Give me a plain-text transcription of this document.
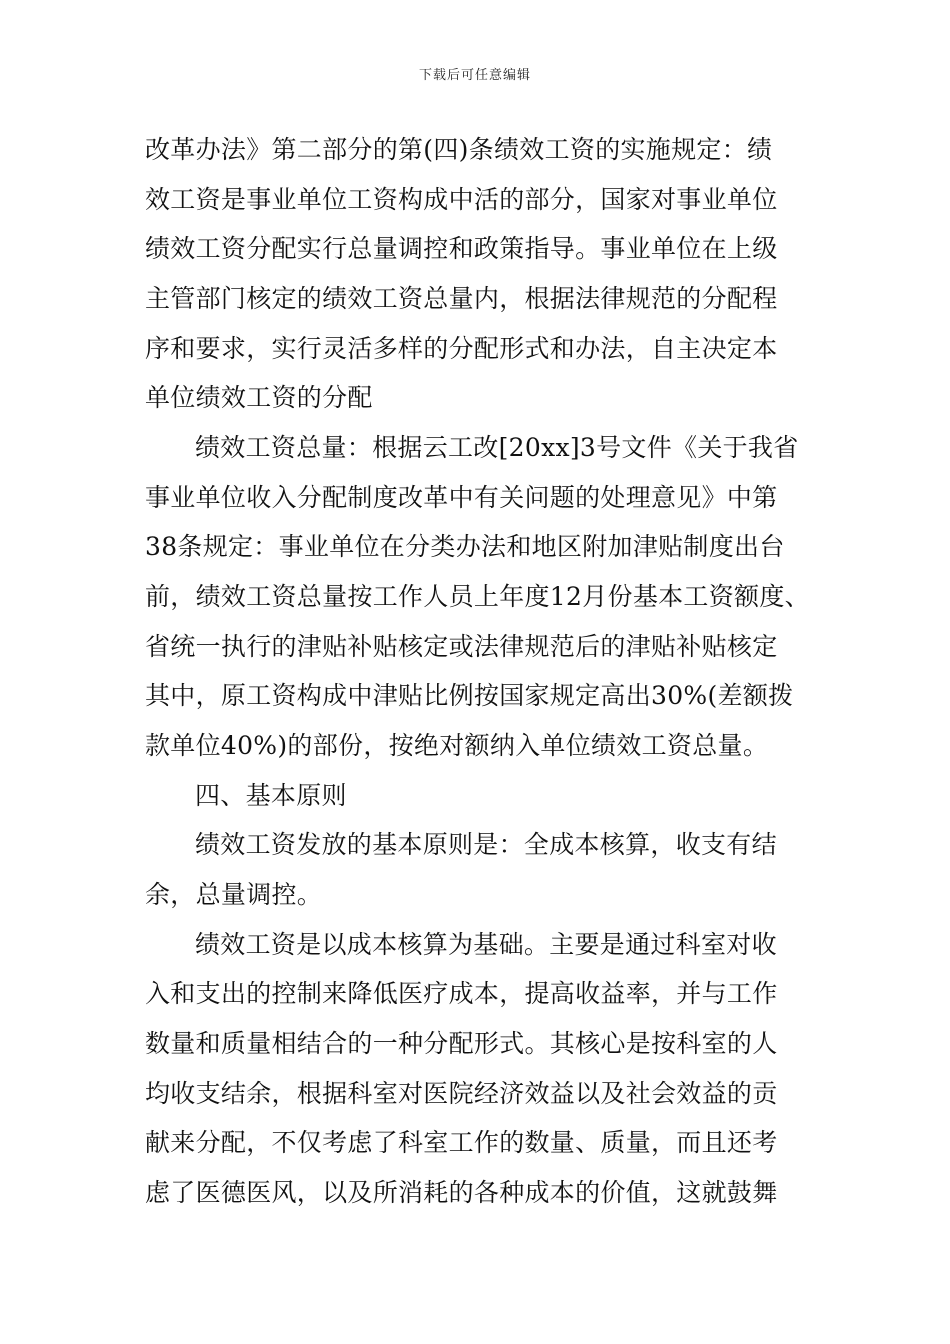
下载后可任意编辑
改革办法》第二部分的第(四)条绩效工资的实施规定：绩
效工资是事业单位工资构成中活的部分，国家对事业单位
绩效工资分配实行总量调控和政策指导。事业单位在上级
主管部门核定的绩效工资总量内，根据法律规范的分配程
序和要求，实行灵活多样的分配形式和办法，自主决定本
单位绩效工资的分配
绩效工资总量：根据云工改[20xx]3号文件《关于我省
事业单位收入分配制度改革中有关问题的处理意见》中第
38条规定：事业单位在分类办法和地区附加津贴制度出台
前，绩效工资总量按工作人员上年度12月份基本工资额度、
省统一执行的津贴补贴核定或法律规范后的津贴补贴核定
其中，原工资构成中津贴比例按国家规定高出30%(差额拨
款单位40%)的部份，按绝对额纳入单位绩效工资总量。
四、基本原则
绩效工资发放的基本原则是：全成本核算，收支有结
余，总量调控。
绩效工资是以成本核算为基础。主要是通过科室对收
入和支出的控制来降低医疗成本，提高收益率，并与工作
数量和质量相结合的一种分配形式。其核心是按科室的人
均收支结余，根据科室对医院经济效益以及社会效益的贡
献来分配，不仅考虑了科室工作的数量、质量，而且还考
虑了医德医风，以及所消耗的各种成本的价值，这就鼓舞
